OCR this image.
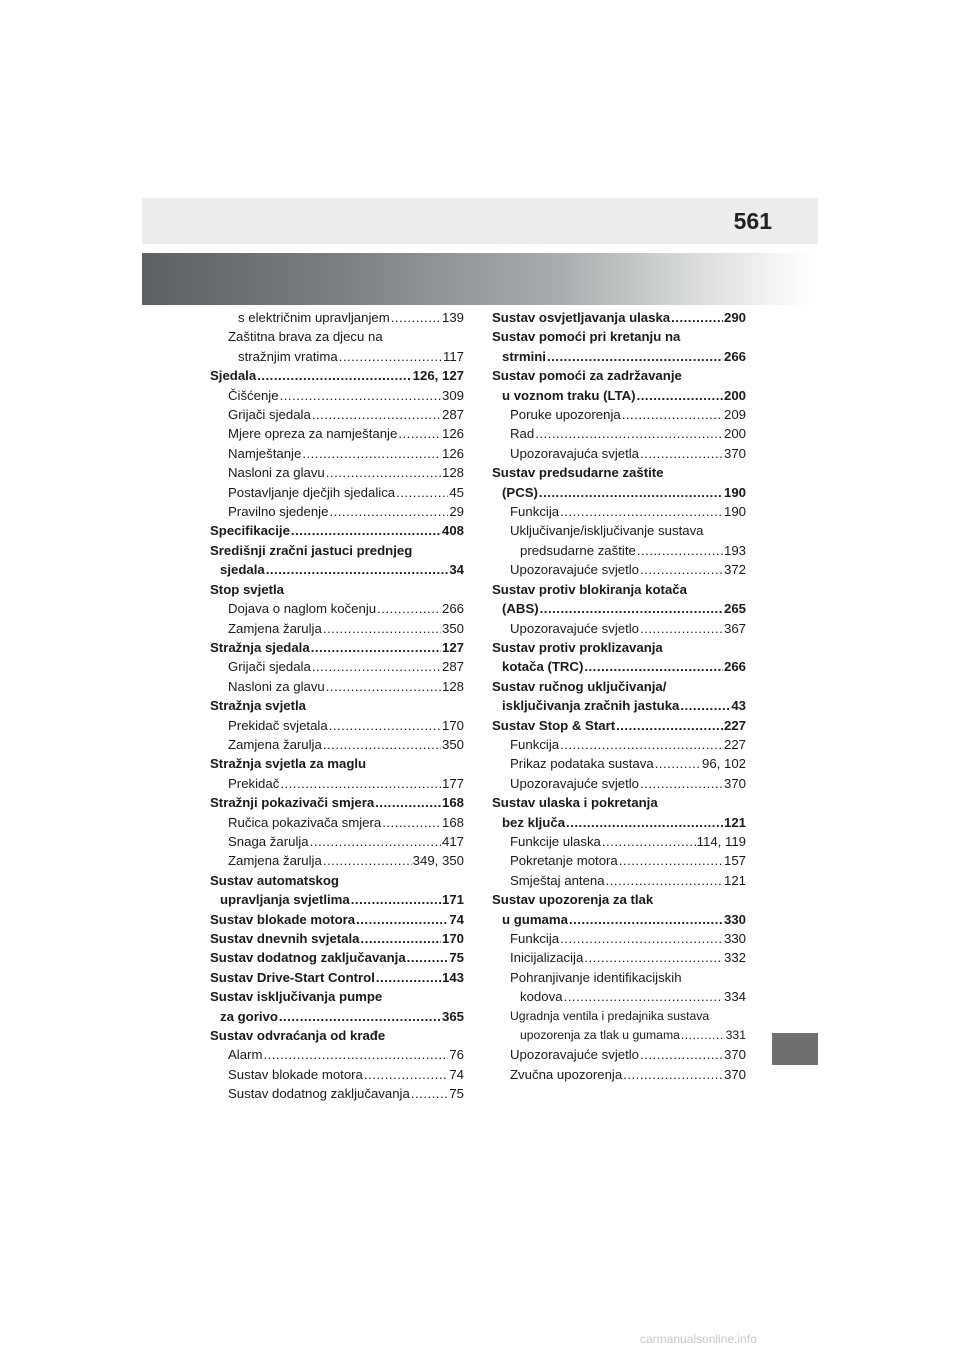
561
s električnim upravljanjem .....	139
Zaštitna brava za djecu na
stražnjim vratima .....	117
Sjedala .....	126, 127
Čišćenje .....	309
Grijači sjedala .....	287
Mjere opreza za namještanje .....	126
Namještanje .....	126
Nasloni za glavu .....	128
Postavljanje dječjih sjedalica .....	45
Pravilno sjedenje .....	29
Specifikacije .....	408
Središnji zračni jastuci prednjeg
sjedala .....	34
Stop svjetla
Dojava o naglom kočenju .....	266
Zamjena žarulja .....	350
Stražnja sjedala .....	127
Grijači sjedala .....	287
Nasloni za glavu .....	128
Stražnja svjetla
Prekidač svjetala .....	170
Zamjena žarulja .....	350
Stražnja svjetla za maglu
Prekidač .....	177
Stražnji pokazivači smjera .....	168
Ručica pokazivača smjera .....	168
Snaga žarulja .....	417
Zamjena žarulja .....	349, 350
Sustav automatskog
upravljanja svjetlima .....	171
Sustav blokade motora .....	74
Sustav dnevnih svjetala .....	170
Sustav dodatnog zaključavanja .....	75
Sustav Drive-Start Control .....	143
Sustav isključivanja pumpe
za gorivo .....	365
Sustav odvraćanja od krađe
Alarm .....	76
Sustav blokade motora .....	74
Sustav dodatnog zaključavanja .....	75
Sustav osvjetljavanja ulaska .....	290
Sustav pomoći pri kretanju na
strmini .....	266
Sustav pomoći za zadržavanje
u voznom traku (LTA) .....	200
Poruke upozorenja .....	209
Rad .....	200
Upozoravajuća svjetla .....	370
Sustav predsudarne zaštite
(PCS) .....	190
Funkcija .....	190
Uključivanje/isključivanje sustava
predsudarne zaštite .....	193
Upozoravajuće svjetlo .....	372
Sustav protiv blokiranja kotača
(ABS) .....	265
Upozoravajuće svjetlo .....	367
Sustav protiv proklizavanja
kotača (TRC) .....	266
Sustav ručnog uključivanja/
isključivanja zračnih jastuka .....	43
Sustav Stop & Start .....	227
Funkcija .....	227
Prikaz podataka sustava .....	96, 102
Upozoravajuće svjetlo .....	370
Sustav ulaska i pokretanja
bez ključa .....	121
Funkcije ulaska .....	114, 119
Pokretanje motora .....	157
Smještaj antena .....	121
Sustav upozorenja za tlak
u gumama .....	330
Funkcija .....	330
Inicijalizacija .....	332
Pohranjivanje identifikacijskih
kodova .....	334
Ugradnja ventila i predajnika sustava
upozorenja za tlak u gumama .....	331
Upozoravajuće svjetlo .....	370
Zvučna upozorenja .....	370
carmanualsonline.info
